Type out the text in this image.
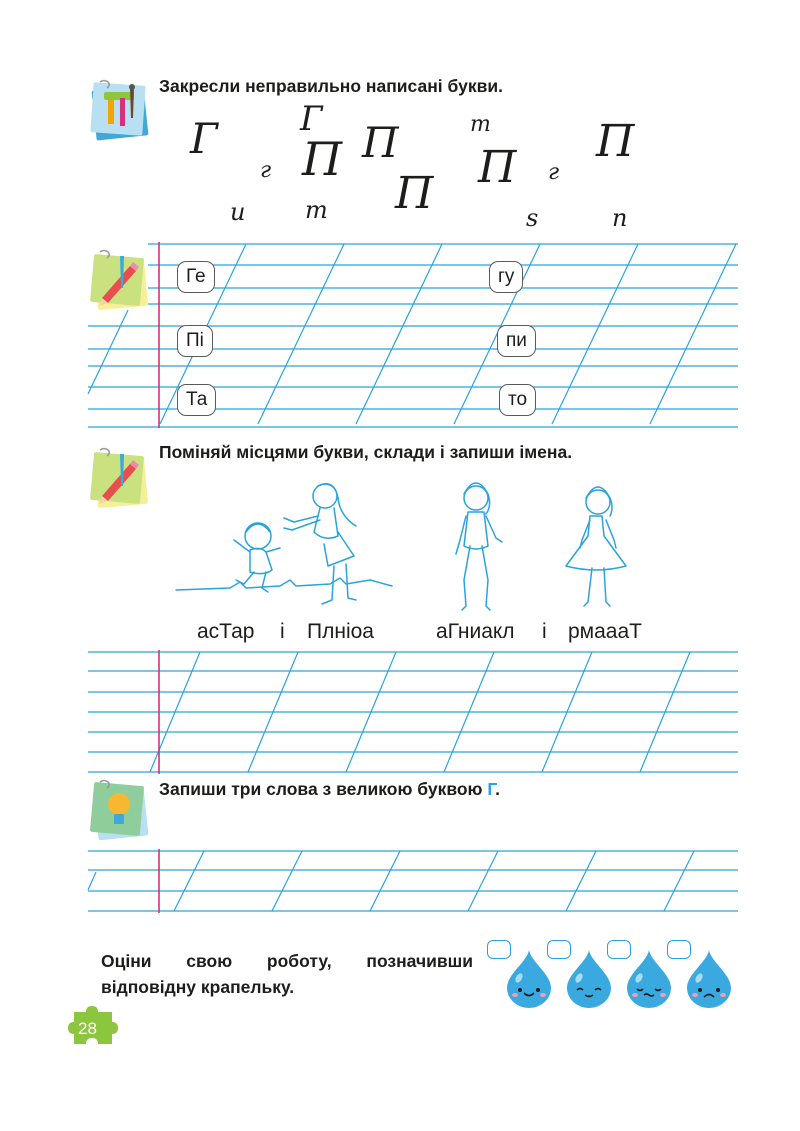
Закресли неправильно написані букви.
Г Г
г П П
и т П
т
П г
П
s	п
Ге
Пі
Та
гу
пи
то
Поміняй місцями букви, склади і запиши імена.
асТар і Плніоа	аГниакл і рмаааТ
Запиши три слова з великою буквою Г.
Оціни свою роботу, позначивши відповідну крапельку.
28
